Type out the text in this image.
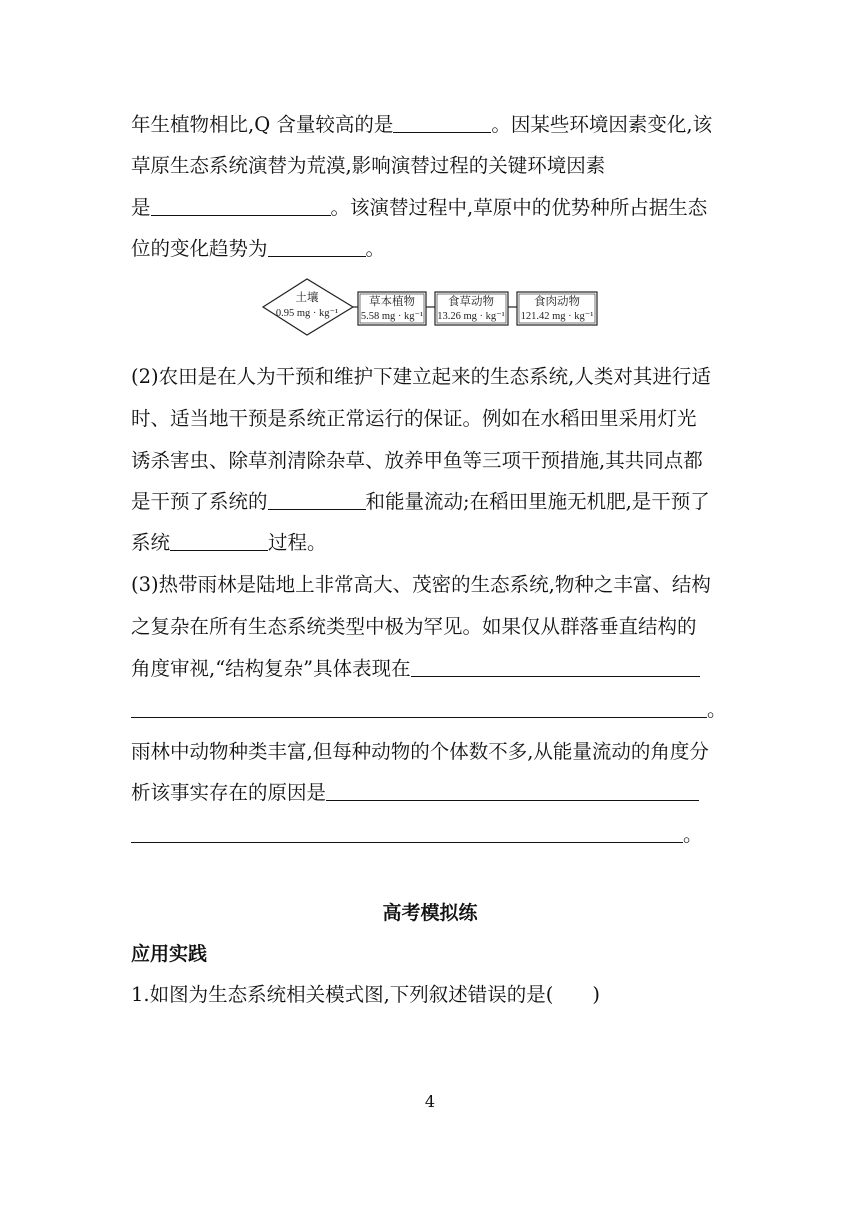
年生植物相比,Q 含量较高的是	。因某些环境因素变化,该
草原生态系统演替为荒漠,影响演替过程的关键环境因素
是	。该演替过程中,草原中的优势种所占据生态
位的变化趋势为	。
土壤
0.95 mg · kg⁻¹
草本植物
5.58 mg · kg⁻¹
食草动物
13.26 mg · kg⁻¹
食肉动物
121.42 mg · kg⁻¹
(2)农田是在人为干预和维护下建立起来的生态系统,人类对其进行适
时、适当地干预是系统正常运行的保证。例如在水稻田里采用灯光
诱杀害虫、除草剂清除杂草、放养甲鱼等三项干预措施,其共同点都
是干预了系统的	和能量流动;在稻田里施无机肥,是干预了
系统	过程。
(3)热带雨林是陆地上非常高大、茂密的生态系统,物种之丰富、结构
之复杂在所有生态系统类型中极为罕见。如果仅从群落垂直结构的
角度审视,“结构复杂”具体表现在
。
雨林中动物种类丰富,但每种动物的个体数不多,从能量流动的角度分
析该事实存在的原因是
。
高考模拟练
应用实践
1.如图为生态系统相关模式图,下列叙述错误的是(　　)
4
